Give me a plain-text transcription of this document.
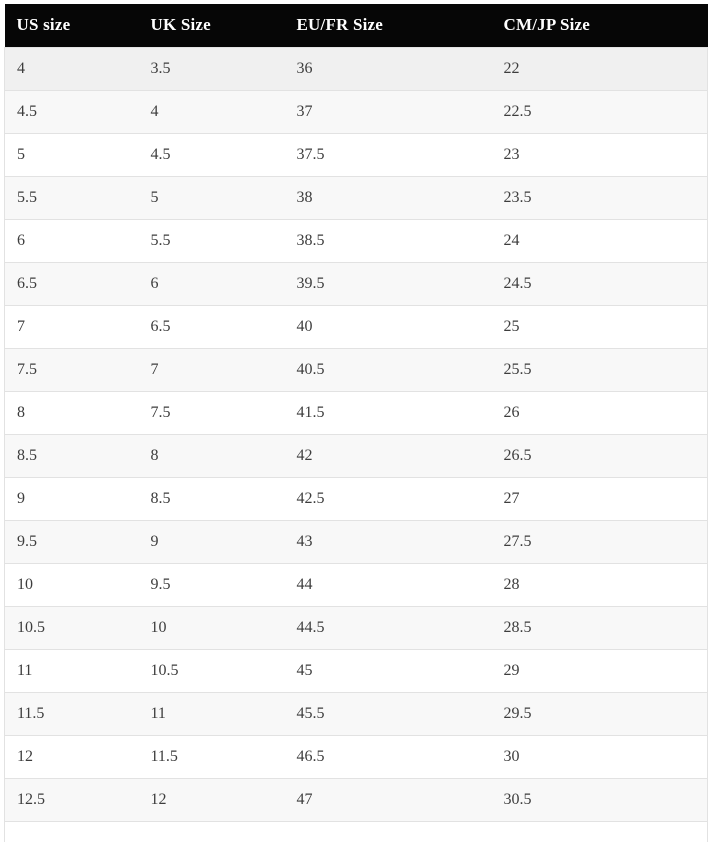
US size	UK Size	EU/FR Size	CM/JP Size
4	3.5	36	22
4.5	4	37	22.5
5	4.5	37.5	23
5.5	5	38	23.5
6	5.5	38.5	24
6.5	6	39.5	24.5
7	6.5	40	25
7.5	7	40.5	25.5
8	7.5	41.5	26
8.5	8	42	26.5
9	8.5	42.5	27
9.5	9	43	27.5
10	9.5	44	28
10.5	10	44.5	28.5
11	10.5	45	29
11.5	11	45.5	29.5
12	11.5	46.5	30
12.5	12	47	30.5
